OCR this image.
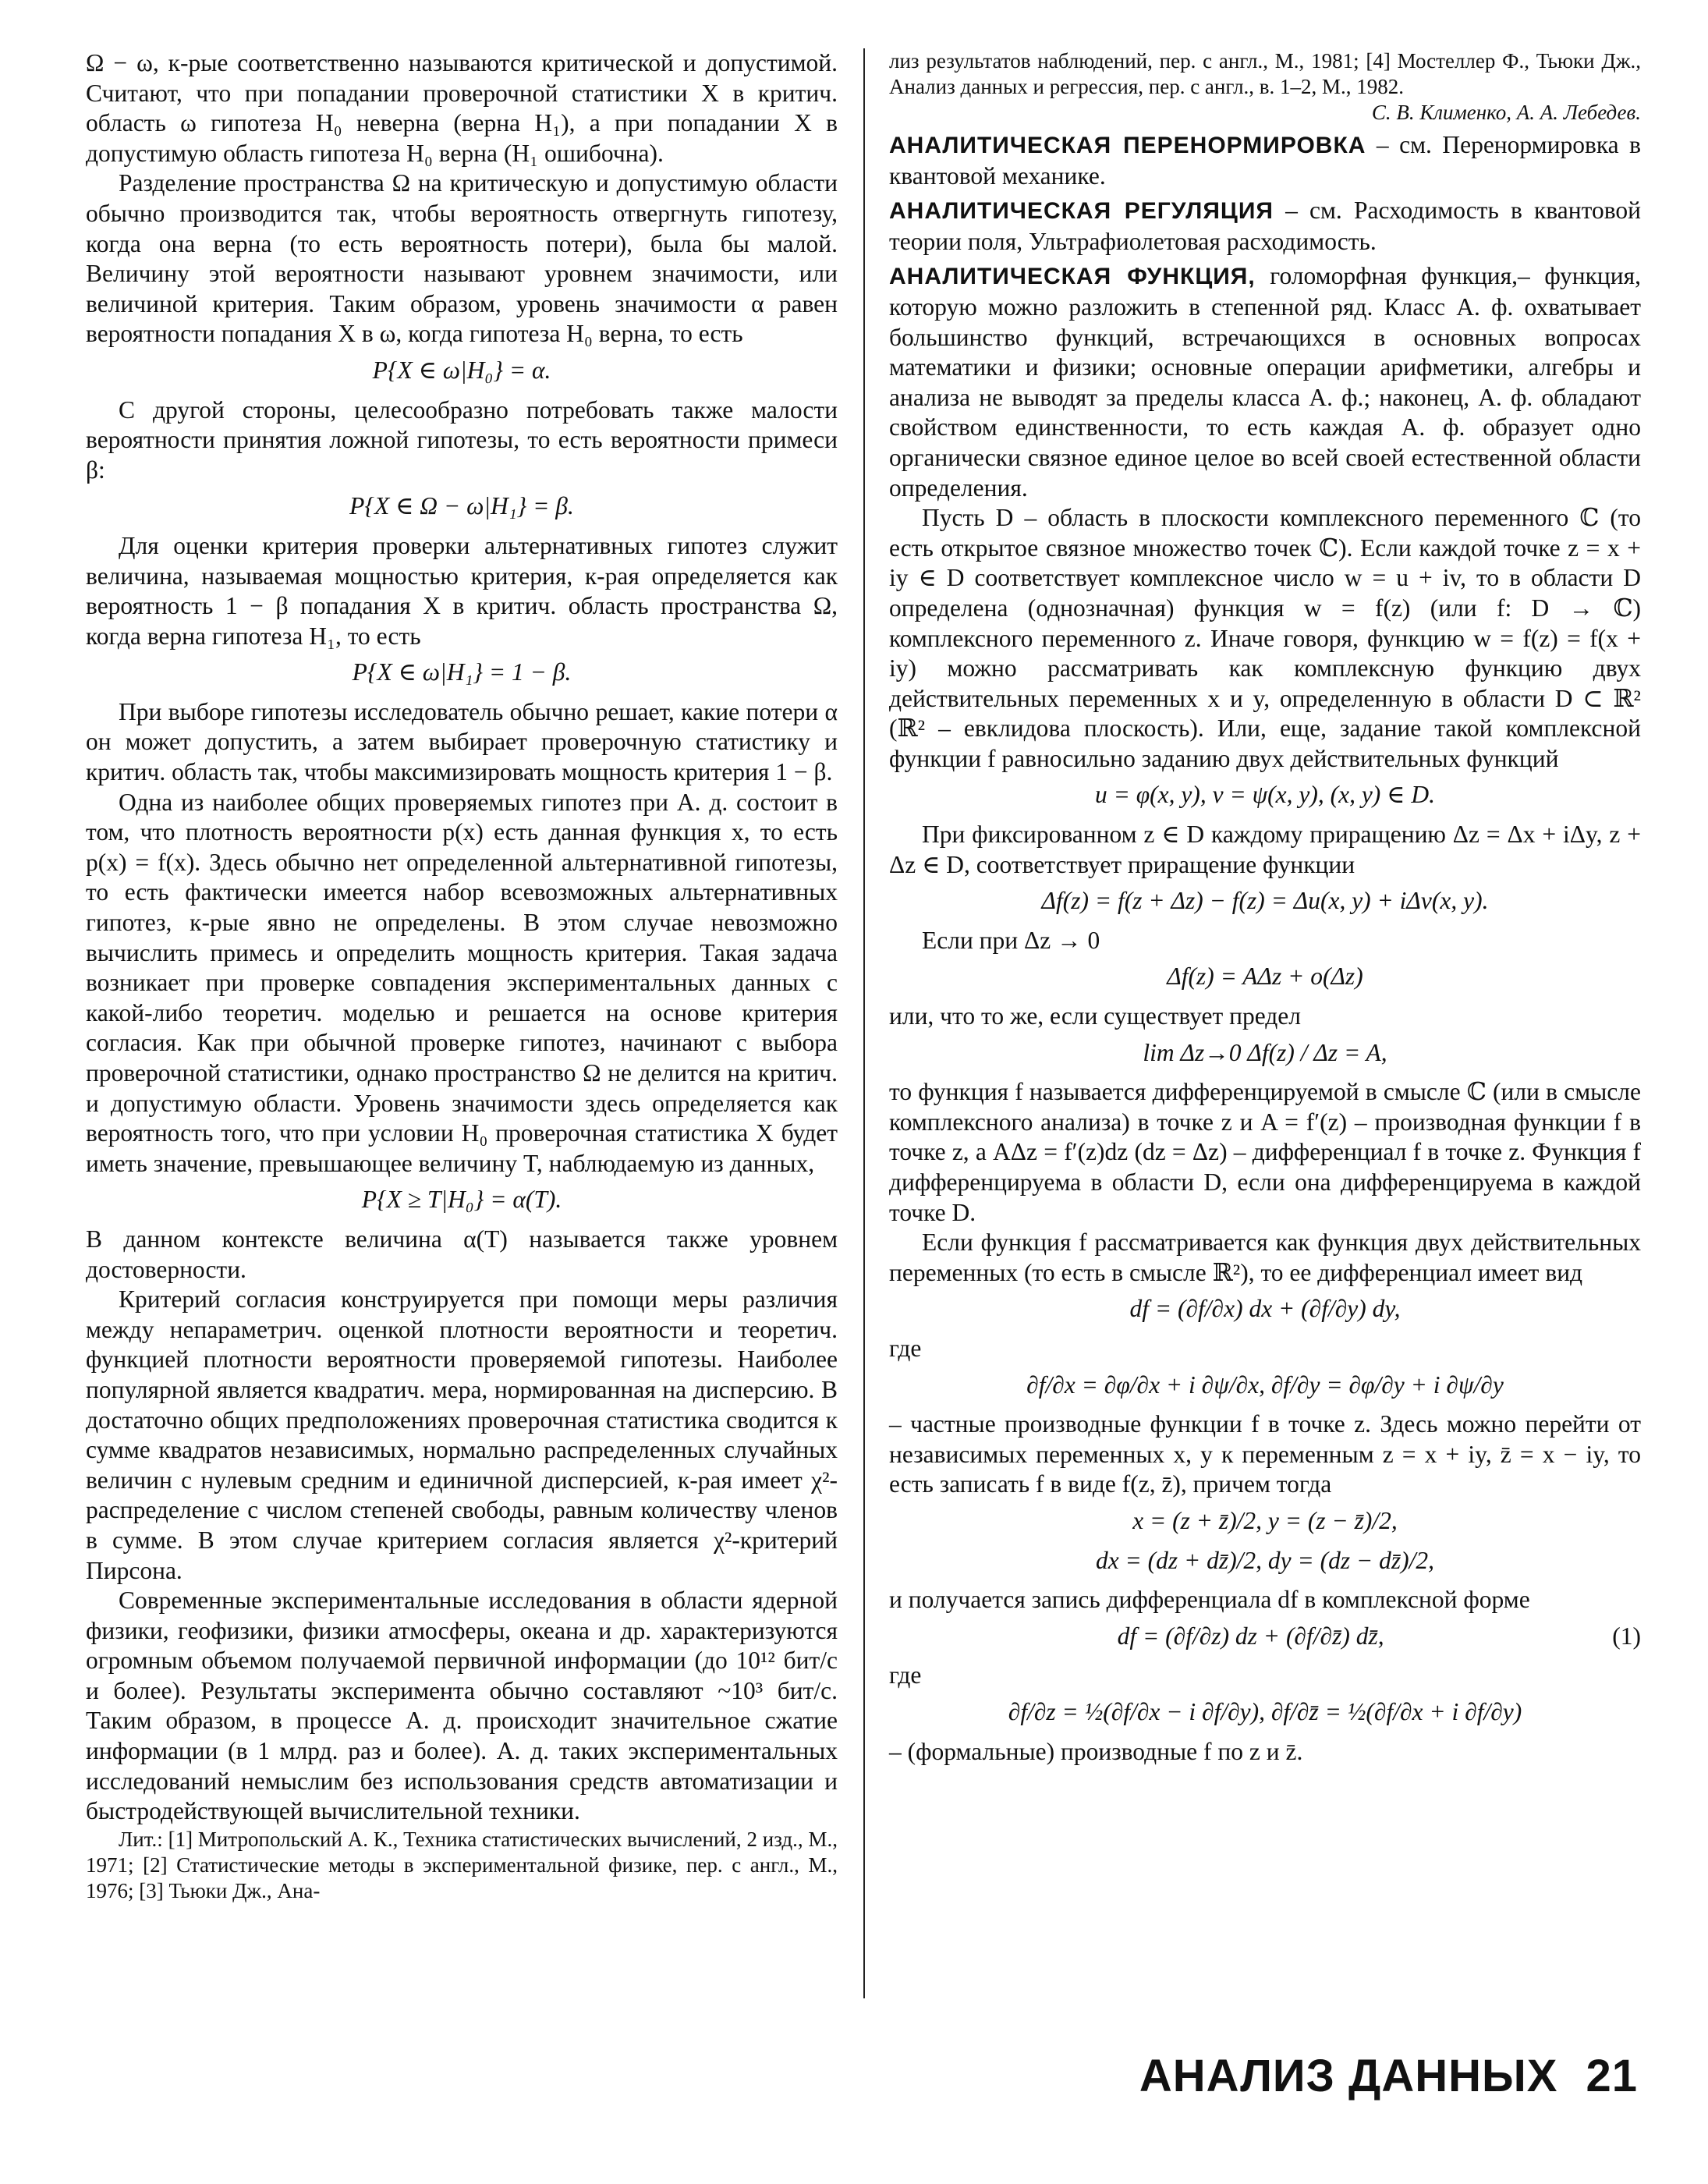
Ω − ω, к-рые соответственно называются критической и допустимой. Считают, что при попадании проверочной статистики X в критич. область ω гипотеза H₀ неверна (верна H₁), а при попадании X в допустимую область гипотеза H₀ верна (H₁ ошибочна).

Разделение пространства Ω на критическую и допустимую области обычно производится так, чтобы вероятность отвергнуть гипотезу, когда она верна (то есть вероятность потери), была бы малой. Величину этой вероятности называют уровнем значимости, или величиной критерия. Таким образом, уровень значимости α равен вероятности попадания X в ω, когда гипотеза H₀ верна, то есть

P{X ∈ ω|H₀} = α.

С другой стороны, целесообразно потребовать также малости вероятности принятия ложной гипотезы, то есть вероятности примеси β:

P{X ∈ Ω − ω|H₁} = β.

Для оценки критерия проверки альтернативных гипотез служит величина, называемая мощностью критерия, к-рая определяется как вероятность 1 − β попадания X в критич. область пространства Ω, когда верна гипотеза H₁, то есть

P{X ∈ ω|H₁} = 1 − β.

При выборе гипотезы исследователь обычно решает, какие потери α он может допустить, а затем выбирает проверочную статистику и критич. область так, чтобы максимизировать мощность критерия 1 − β.

Одна из наиболее общих проверяемых гипотез при А. д. состоит в том, что плотность вероятности p(x) есть данная функция x, то есть p(x) = f(x). Здесь обычно нет определенной альтернативной гипотезы, то есть фактически имеется набор всевозможных альтернативных гипотез, к-рые явно не определены. В этом случае невозможно вычислить примесь и определить мощность критерия. Такая задача возникает при проверке совпадения экспериментальных данных с какой-либо теоретич. моделью и решается на основе критерия согласия. Как при обычной проверке гипотез, начинают с выбора проверочной статистики, однако пространство Ω не делится на критич. и допустимую области. Уровень значимости здесь определяется как вероятность того, что при условии H₀ проверочная статистика X будет иметь значение, превышающее величину T, наблюдаемую из данных,

P{X ≥ T|H₀} = α(T).

В данном контексте величина α(T) называется также уровнем достоверности.

Критерий согласия конструируется при помощи меры различия между непараметрич. оценкой плотности вероятности и теоретич. функцией плотности вероятности проверяемой гипотезы. Наиболее популярной является квадратич. мера, нормированная на дисперсию. В достаточно общих предположениях проверочная статистика сводится к сумме квадратов независимых, нормально распределенных случайных величин с нулевым средним и единичной дисперсией, к-рая имеет χ²-распределение с числом степеней свободы, равным количеству членов в сумме. В этом случае критерием согласия является χ²-критерий Пирсона.

Современные экспериментальные исследования в области ядерной физики, геофизики, физики атмосферы, океана и др. характеризуются огромным объемом получаемой первичной информации (до 10¹² бит/с и более). Результаты эксперимента обычно составляют ~10³ бит/с. Таким образом, в процессе А. д. происходит значительное сжатие информации (в 1 млрд. раз и более). А. д. таких экспериментальных исследований немыслим без использования средств автоматизации и быстродействующей вычислительной техники.

Лит.: [1] Митропольский А. К., Техника статистических вычислений, 2 изд., М., 1971; [2] Статистические методы в экспериментальной физике, пер. с англ., М., 1976; [3] Тьюки Дж., Ана-

лиз результатов наблюдений, пер. с англ., М., 1981; [4] Мостеллер Ф., Тьюки Дж., Анализ данных и регрессия, пер. с англ., в. 1–2, М., 1982.

С. В. Клименко, А. А. Лебедев.

АНАЛИТИЧЕСКАЯ ПЕРЕНОРМИРОВКА – см. Перенормировка в квантовой механике.

АНАЛИТИЧЕСКАЯ РЕГУЛЯЦИЯ – см. Расходимость в квантовой теории поля, Ультрафиолетовая расходимость.

АНАЛИТИЧЕСКАЯ ФУНКЦИЯ, голоморфная функция,– функция, которую можно разложить в степенной ряд. Класс А. ф. охватывает большинство функций, встречающихся в основных вопросах математики и физики; основные операции арифметики, алгебры и анализа не выводят за пределы класса А. ф.; наконец, А. ф. обладают свойством единственности, то есть каждая А. ф. образует одно органически связное единое целое во всей своей естественной области определения.

Пусть D – область в плоскости комплексного переменного ℂ (то есть открытое связное множество точек ℂ). Если каждой точке z = x + iy ∈ D соответствует комплексное число w = u + iv, то в области D определена (однозначная) функция w = f(z) (или f: D → ℂ) комплексного переменного z. Иначе говоря, функцию w = f(z) = f(x + iy) можно рассматривать как комплексную функцию двух действительных переменных x и y, определенную в области D ⊂ ℝ² (ℝ² – евклидова плоскость). Или, еще, задание такой комплексной функции f равносильно заданию двух действительных функций

u = φ(x, y), v = ψ(x, y), (x, y) ∈ D.

При фиксированном z ∈ D каждому приращению Δz = Δx + iΔy, z + Δz ∈ D, соответствует приращение функции

Δf(z) = f(z + Δz) − f(z) = Δu(x, y) + iΔv(x, y).

Если при Δz → 0

Δf(z) = AΔz + o(Δz)

или, что то же, если существует предел

lim Δz→0 Δf(z) / Δz = A,

то функция f называется дифференцируемой в смысле ℂ (или в смысле комплексного анализа) в точке z и A = f′(z) – производная функции f в точке z, а AΔz = f′(z)dz (dz = Δz) – дифференциал f в точке z. Функция f дифференцируема в области D, если она дифференцируема в каждой точке D.

Если функция f рассматривается как функция двух действительных переменных (то есть в смысле ℝ²), то ее дифференциал имеет вид

df = (∂f/∂x) dx + (∂f/∂y) dy,

где

∂f/∂x = ∂φ/∂x + i ∂ψ/∂x, ∂f/∂y = ∂φ/∂y + i ∂ψ/∂y

– частные производные функции f в точке z. Здесь можно перейти от независимых переменных x, y к переменным z = x + iy, z̄ = x − iy, то есть записать f в виде f(z, z̄), причем тогда

x = (z + z̄)/2, y = (z − z̄)/2,

dx = (dz + dz̄)/2, dy = (dz − dz̄)/2,

и получается запись дифференциала df в комплексной форме

df = (∂f/∂z) dz + (∂f/∂z̄) dz̄,	(1)

где

∂f/∂z = ½(∂f/∂x − i ∂f/∂y), ∂f/∂z̄ = ½(∂f/∂x + i ∂f/∂y)

– (формальные) производные f по z и z̄.

АНАЛИЗ ДАННЫХ 21
